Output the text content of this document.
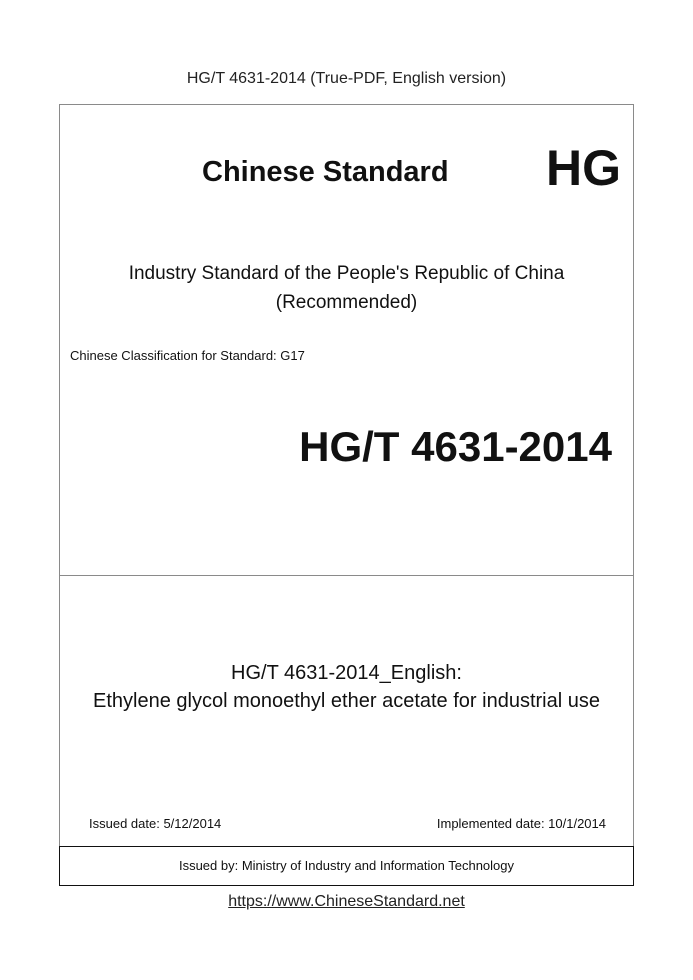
HG/T 4631-2014 (True-PDF, English version)
Chinese Standard HG
Industry Standard of the People's Republic of China
(Recommended)
Chinese Classification for Standard: G17
HG/T 4631-2014
HG/T 4631-2014_English:
Ethylene glycol monoethyl ether acetate for industrial use
Issued date: 5/12/2014	Implemented date: 10/1/2014
Issued by: Ministry of Industry and Information Technology
https://www.ChineseStandard.net
